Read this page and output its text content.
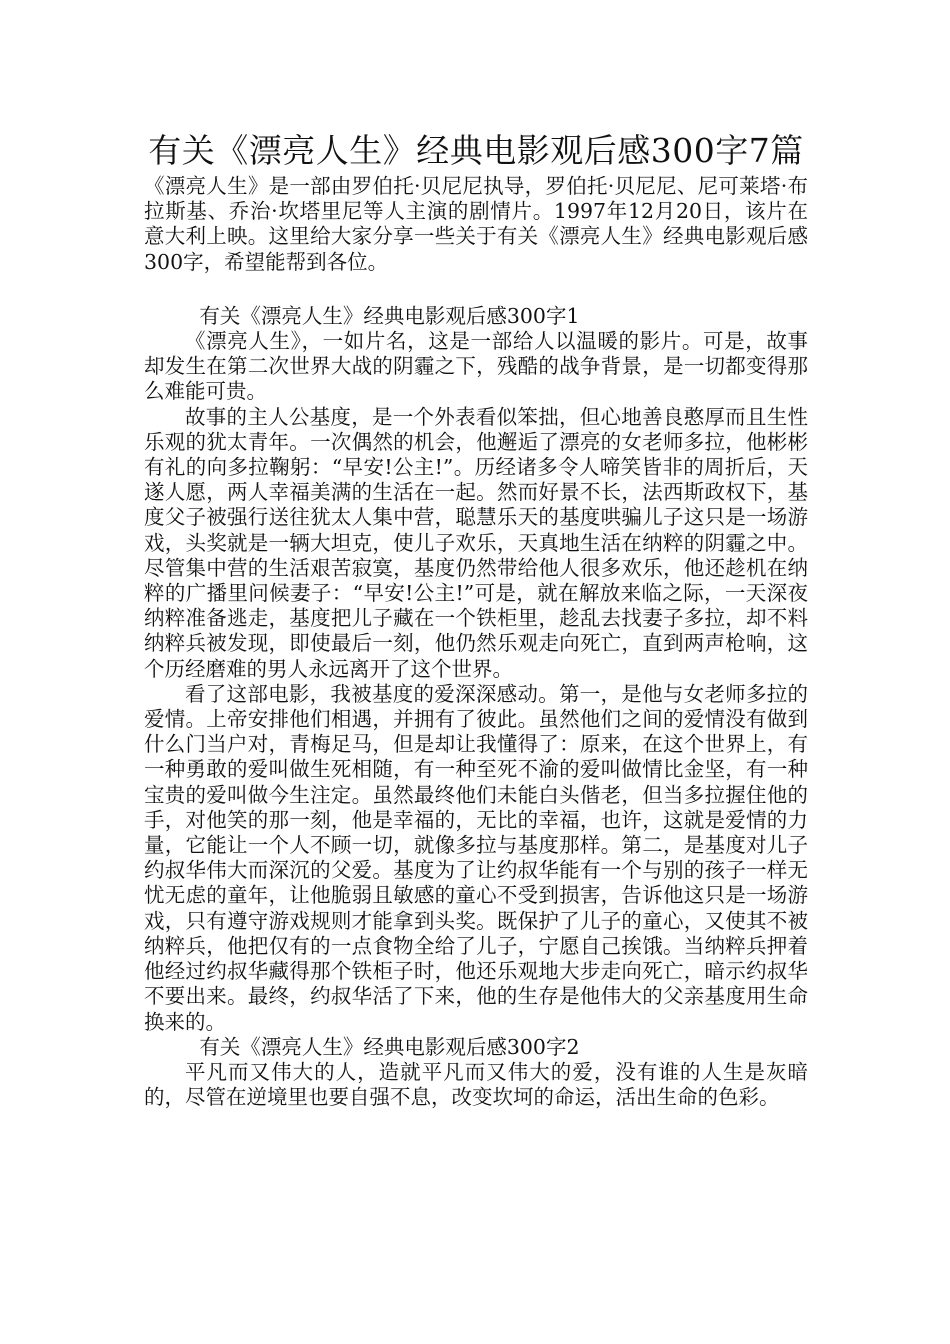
有关《漂亮人生》经典电影观后感300字7篇

《漂亮人生》是一部由罗伯托·贝尼尼执导，罗伯托·贝尼尼、尼可莱塔·布拉斯基、乔治·坎塔里尼等人主演的剧情片。1997年12月20日，该片在意大利上映。这里给大家分享一些关于有关《漂亮人生》经典电影观后感300字，希望能帮到各位。

有关《漂亮人生》经典电影观后感300字1

《漂亮人生》，一如片名，这是一部给人以温暖的影片。可是，故事却发生在第二次世界大战的阴霾之下，残酷的战争背景，是一切都变得那么难能可贵。

故事的主人公基度，是一个外表看似笨拙，但心地善良憨厚而且生性乐观的犹太青年。一次偶然的机会，他邂逅了漂亮的女老师多拉，他彬彬有礼的向多拉鞠躬：“早安!公主!”。历经诸多令人啼笑皆非的周折后，天遂人愿，两人幸福美满的生活在一起。然而好景不长，法西斯政权下，基度父子被强行送往犹太人集中营，聪慧乐天的基度哄骗儿子这只是一场游戏，头奖就是一辆大坦克，使儿子欢乐，天真地生活在纳粹的阴霾之中。尽管集中营的生活艰苦寂寞，基度仍然带给他人很多欢乐，他还趁机在纳粹的广播里问候妻子：“早安!公主!”可是，就在解放来临之际，一天深夜纳粹准备逃走，基度把儿子藏在一个铁柜里，趁乱去找妻子多拉，却不料纳粹兵被发现，即使最后一刻，他仍然乐观走向死亡，直到两声枪响，这个历经磨难的男人永远离开了这个世界。

看了这部电影，我被基度的爱深深感动。第一，是他与女老师多拉的爱情。上帝安排他们相遇，并拥有了彼此。虽然他们之间的爱情没有做到什么门当户对，青梅足马，但是却让我懂得了：原来，在这个世界上，有一种勇敢的爱叫做生死相随，有一种至死不渝的爱叫做情比金坚，有一种宝贵的爱叫做今生注定。虽然最终他们未能白头偕老，但当多拉握住他的手，对他笑的那一刻，他是幸福的，无比的幸福，也许，这就是爱情的力量，它能让一个人不顾一切，就像多拉与基度那样。第二，是基度对儿子约叔华伟大而深沉的父爱。基度为了让约叔华能有一个与别的孩子一样无忧无虑的童年，让他脆弱且敏感的童心不受到损害，告诉他这只是一场游戏，只有遵守游戏规则才能拿到头奖。既保护了儿子的童心，又使其不被纳粹兵，他把仅有的一点食物全给了儿子，宁愿自己挨饿。当纳粹兵押着他经过约叔华藏得那个铁柜子时，他还乐观地大步走向死亡，暗示约叔华不要出来。最终，约叔华活了下来，他的生存是他伟大的父亲基度用生命换来的。

有关《漂亮人生》经典电影观后感300字2

平凡而又伟大的人，造就平凡而又伟大的爱，没有谁的人生是灰暗的，尽管在逆境里也要自强不息，改变坎坷的命运，活出生命的色彩。
